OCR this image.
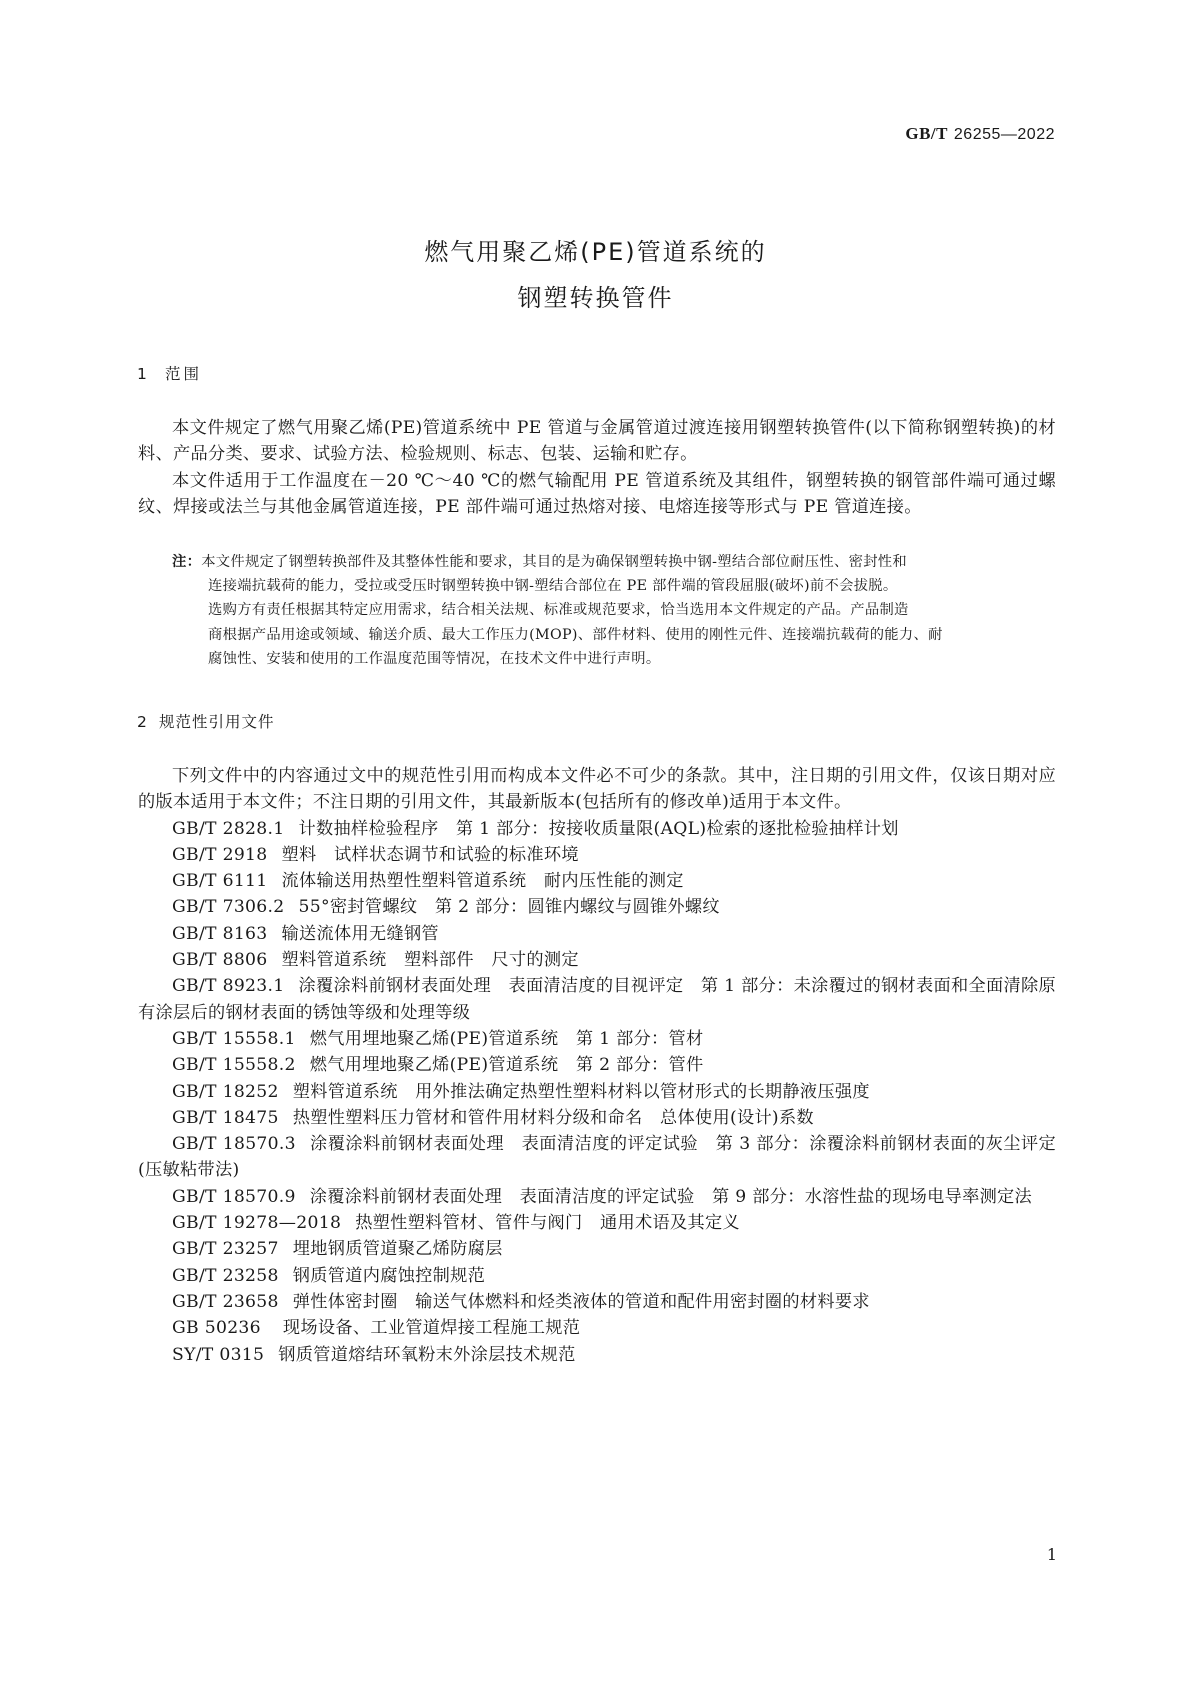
GB/T 26255—2022
燃气用聚乙烯(PE)管道系统的
钢塑转换管件
1 范围

本文件规定了燃气用聚乙烯(PE)管道系统中 PE 管道与金属管道过渡连接用钢塑转换管件(以下简称钢塑转换)的材料、产品分类、要求、试验方法、检验规则、标志、包装、运输和贮存。

本文件适用于工作温度在－20 ℃～40 ℃的燃气输配用 PE 管道系统及其组件，钢塑转换的钢管部件端可通过螺纹、焊接或法兰与其他金属管道连接，PE 部件端可通过热熔对接、电熔连接等形式与 PE 管道连接。

注：本文件规定了钢塑转换部件及其整体性能和要求，其目的是为确保钢塑转换中钢-塑结合部位耐压性、密封性和

连接端抗载荷的能力，受拉或受压时钢塑转换中钢-塑结合部位在 PE 部件端的管段屈服(破坏)前不会拔脱。

选购方有责任根据其特定应用需求，结合相关法规、标准或规范要求，恰当选用本文件规定的产品。产品制造

商根据产品用途或领域、输送介质、最大工作压力(MOP)、部件材料、使用的刚性元件、连接端抗载荷的能力、耐

腐蚀性、安装和使用的工作温度范围等情况，在技术文件中进行声明。

2 规范性引用文件

下列文件中的内容通过文中的规范性引用而构成本文件必不可少的条款。其中，注日期的引用文件，仅该日期对应的版本适用于本文件；不注日期的引用文件，其最新版本(包括所有的修改单)适用于本文件。

GB/T 2828.1 计数抽样检验程序　第 1 部分：按接收质量限(AQL)检索的逐批检验抽样计划

GB/T 2918 塑料　试样状态调节和试验的标准环境

GB/T 6111 流体输送用热塑性塑料管道系统　耐内压性能的测定

GB/T 7306.2 55°密封管螺纹　第 2 部分：圆锥内螺纹与圆锥外螺纹

GB/T 8163 输送流体用无缝钢管

GB/T 8806 塑料管道系统　塑料部件　尺寸的测定

GB/T 8923.1 涂覆涂料前钢材表面处理　表面清洁度的目视评定　第 1 部分：未涂覆过的钢材表面和全面清除原有涂层后的钢材表面的锈蚀等级和处理等级

GB/T 15558.1 燃气用埋地聚乙烯(PE)管道系统　第 1 部分：管材

GB/T 15558.2 燃气用埋地聚乙烯(PE)管道系统　第 2 部分：管件

GB/T 18252 塑料管道系统　用外推法确定热塑性塑料材料以管材形式的长期静液压强度

GB/T 18475 热塑性塑料压力管材和管件用材料分级和命名　总体使用(设计)系数

GB/T 18570.3 涂覆涂料前钢材表面处理　表面清洁度的评定试验　第 3 部分：涂覆涂料前钢材表面的灰尘评定(压敏粘带法)

GB/T 18570.9 涂覆涂料前钢材表面处理　表面清洁度的评定试验　第 9 部分：水溶性盐的现场电导率测定法

GB/T 19278—2018 热塑性塑料管材、管件与阀门　通用术语及其定义

GB/T 23257 埋地钢质管道聚乙烯防腐层

GB/T 23258 钢质管道内腐蚀控制规范

GB/T 23658 弹性体密封圈　输送气体燃料和烃类液体的管道和配件用密封圈的材料要求

GB 50236 现场设备、工业管道焊接工程施工规范

SY/T 0315 钢质管道熔结环氧粉末外涂层技术规范

1
